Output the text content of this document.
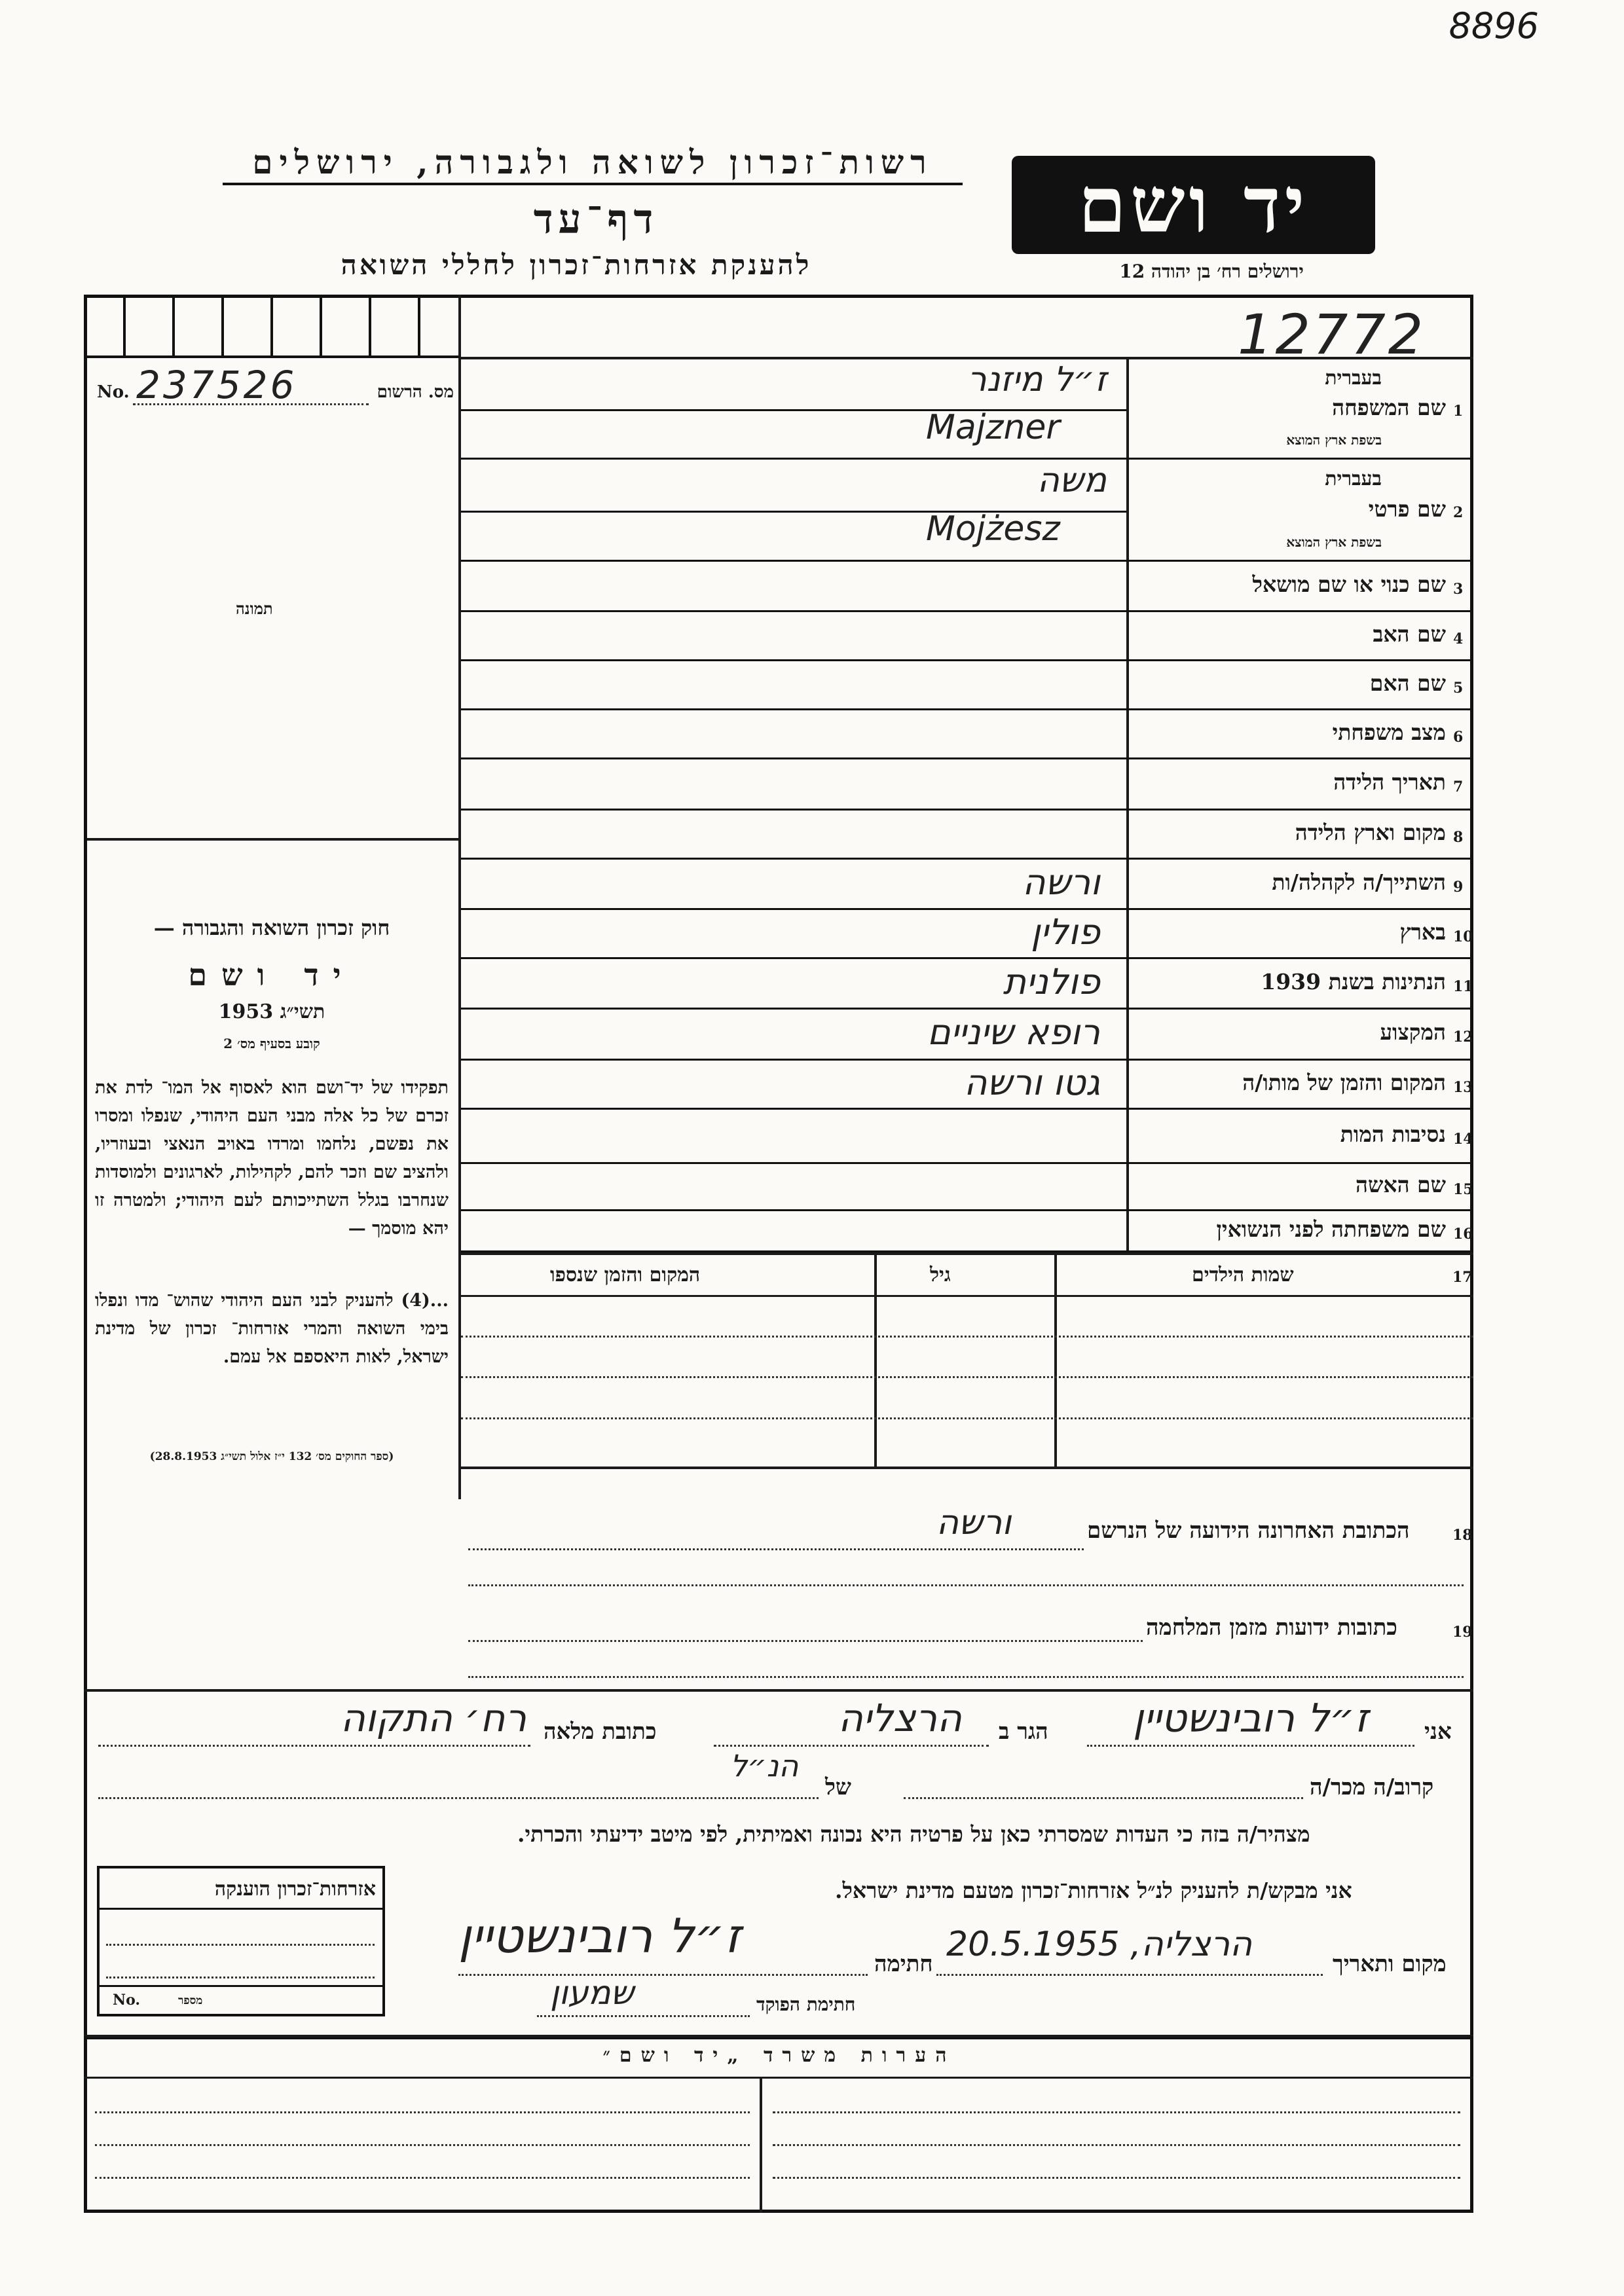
8896
רשות־זכרון לשואה ולגבורה, ירושלים
דף־עד
להענקת אזרחות־זכרון לחללי השואה
יד ושם
ירושלים רח׳ בן יהודה 12
12772
No. 237526	מס. הרשום
תמונה
חוק זכרון השואה והגבורה —
יד ושם
תשי״ג 1953
קובע בסעיף מס׳ 2
תפקידו של יד־ושם הוא לאסוף אל המו־ לדת את זכרם של כל אלה מבני העם היהודי, שנפלו ומסרו את נפשם, נלחמו ומרדו באויב הנאצי ובעוזריו, ולהציב שם וזכר להם, לקהילות, לארגונים ולמוסדות שנחרבו בגלל השתייכותם לעם היהודי; ולמטרה זו יהא מוסמך —
...(4) להעניק לבני העם היהודי שהוש־ מדו ונפלו בימי השואה והמרי אזרחות־ זכרון של מדינת ישראל, לאות היאספם אל עמם.
(ספר החוקים מס׳ 132 י״ז אלול תשי״ג 28.8.1953)
1
שם המשפחה
בעברית
בשפת ארץ המוצא
ז״ל מיזנר
Majzner
2
שם פרטי
בעברית
בשפת ארץ המוצא
משה
Mojżesz
3
שם כנוי או שם מושאל
4
שם האב
5
שם האם
6
מצב משפחתי
7
תאריך הלידה
8
מקום וארץ הלידה
9
השתייך/ה לקהלה/ות
ורשה
10
בארץ
פולין
11
הנתינות בשנת 1939
פולנית
12
המקצוע
רופא שיניים
13
המקום והזמן של מותו/ה
גטו ורשה
14
נסיבות המות
15
שם האשה
16
שם משפחתה לפני הנשואין
17
שמות הילדים
גיל
המקום והזמן שנספו
18
הכתובת האחרונה הידועה של הנרשם
ורשה
19
כתובות ידועות מזמן המלחמה
אני
ז״ל רובינשטיין
הגר ב
הרצליה
כתובת מלאה
רח׳ התקוה
קרוב/ה מכר/ה
של
הנ״ל
מצהיר/ה בזה כי העדות שמסרתי כאן על פרטיה היא נכונה ואמיתית, לפי מיטב ידיעתי והכרתי.
אני מבקש/ת להעניק לנ״ל אזרחות־זכרון מטעם מדינת ישראל.
מקום ותאריך
הרצליה, 20.5.1955
חתימה
ז״ל רובינשטיין
חתימת הפוקד
שמעון
אזרחות־זכרון הוענקה
No.	מספר
הערות משרד „יד ושם״
